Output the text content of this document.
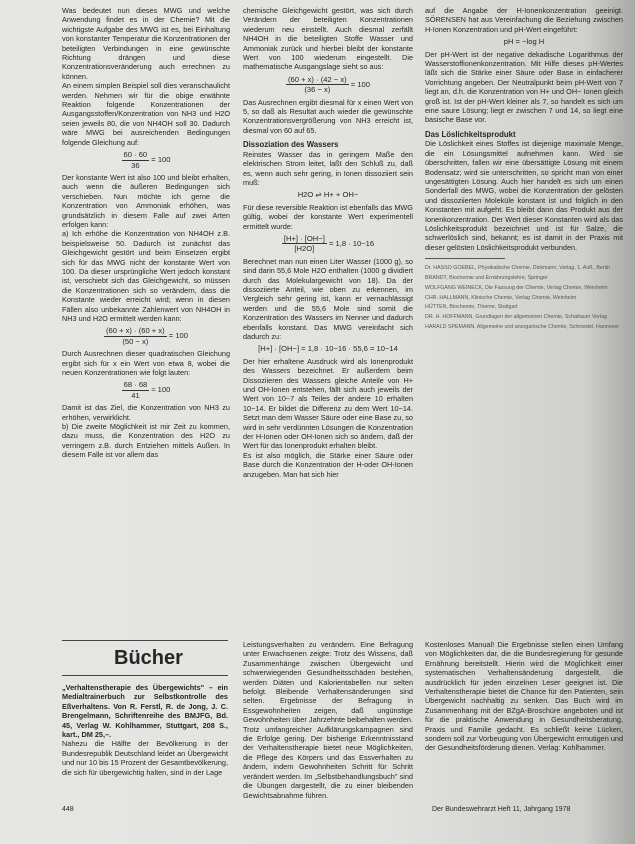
Was bedeutet nun dieses MWG und welche Anwendung findet es in der Chemie? Mit die wichtigste Aufgabe des MWG ist es, bei Einhaltung von konstanter Temperatur die Konzentrationen der beteiligten Verbindungen in eine gewünschte Richtung drängen und diese Konzentrationsveränderung auch errechnen zu können.

An einem simplen Beispiel soll dies veranschaulicht werden. Nehmen wir für die obige erwähnte Reaktion folgende Konzentrationen der Ausgangsstoffen/Konzentration von NH3 und H2O seien jeweils 80, die von NH4OH soll 30. Dadurch wäre MWG bei ausreichenden Bedingungen folgende Gleichung auf:

$\frac{60 \cdot 60}{36} = 100$

Der konstante Wert ist also 100 und bleibt erhalten, auch wenn die äußeren Bedingungen sich verschieben. Nun möchte ich gerne die Konzentration von Ammoniak erhöhen, was grundsätzlich in diesem Falle auf zwei Arten erfolgen kann:

a) Ich erhöhe die Konzentration von NH4OH z.B. beispielsweise 50. Dadurch ist zunächst das Gleichgewicht gestört und beim Einsetzen ergibt sich für das MWG nicht der konstante Wert von 100. Da dieser ursprüngliche Wert jedoch konstant ist, verschiebt sich das Gleichgewicht, so müssen die Konzentrationen sich so verändern, dass die Konstante wieder erreicht wird; wenn in diesen Fällen also unbekannte Zahlenwert von NH4OH in NH3 und H2O ermittelt werden kann:

$\frac{(60 + x) \cdot (60 + x)}{(50 - x)} = 100$

Durch Ausrechnen dieser quadratischen Gleichung ergibt sich für x ein Wert von etwa 8, wobei die neuen Konzentrationen wie folgt lauten:

$\frac{68 \cdot 68}{41} \approx 100$

Damit ist das Ziel, die Konzentration von NH3 zu erhöhen, verwirklicht.

b) Die zweite Möglichkeit ist mir Zeit zu kommen, dazu muss, die Konzentration des H2O zu verringern z.B. durch Entziehen mittels Außen. In diesem Falle ist vor allem das

chemische Gleichgewicht gestört, was sich durch Verändern der beteiligten Konzentrationen wiederum neu einstellt. Auch diesmal zerfällt NH4OH in die beteiligten Stoffe Wasser und Ammoniak zurück und hierbei bleibt der konstante Wert von 100 wiederum eingestellt. Die mathematische Ausgangslage sieht so aus:

$\frac{(60 + x) \cdot (42 - x)}{(36 - x)} = 100$

Das Ausrechnen ergibt diesmal für x einen Wert von 5, so daß als Resultat auch wieder die gewünschte Konzentrationsvergrößerung von NH3 erreicht ist, diesmal von 60 auf 65.

Dissoziation des Wassers

Reinstes Wasser das in geringem Maße den elektrischen Strom leitet, laßt den Schluß zu, daß es, wenn auch sehr gering, in Ionen dissoziiert sein muß:

H2O ⇌ H+ + OH−

Für diese reversible Reaktion ist ebenfalls das MWG gültig, wobei der konstante Wert experimentell ermittelt wurde:

$\frac{[H+] \cdot [OH-]}{[H2O]} = 1,8 \cdot 10-16$

Berechnet man nun einen Liter Wasser (1000 g), so sind darin 55,6 Mole H2O enthalten (1000 g dividiert durch das Molekulargewicht von 18). Da der dissoziierte Anteil, wie oben zu erkennen, im Vergleich sehr gering ist, kann er vernachlässigt werden und die 55,6 Mole sind somit die Konzentration des Wassers im Nenner und dadurch ebenfalls konstant. Das MWG vereinfacht sich dadurch zu:

[H+] · [OH−] = 1,8 · 10−16 · 55,6 = 10−14

Der hier erhaltene Ausdruck wird als Ionenprodukt des Wassers bezeichnet. Er außerdem beim Dissoziieren des Wassers gleiche Anteile von H+ und OH-Ionen entstehen, fällt sich auch jeweils der Wert von 10−7 als Teiles der andere 10 erhalten 10−14. Er bildet die Differenz zu dem Wert 10−14. Setzt man dem Wasser Säure oder eine Base zu, so wird in sehr verdünnten Lösungen die Konzentration der H-Ionen oder OH-Ionen sich so ändern, daß der Wert für das Ionenprodukt erhalten bleibt.

Es ist also möglich, die Stärke einer Säure oder Base durch die Konzentration der H-oder OH-Ionen anzugeben. Man hat sich hier

auf die Angabe der H-Ionenkonzentration geeinigt. SÖRENSEN hat aus Vereinfachung die Beziehung zwischen H-Ionen Konzentration und pH-Wert eingeführt:

pH = −log H

Der pH-Wert ist der negative dekadische Logarithmus der Wasserstoffionenkonzentration. Mit Hilfe dieses pH-Wertes läßt sich die Stärke einer Säure oder Base in einfacherer Vorrichtung angeben. Der Neutralpunkt beim pH-Wert von 7 liegt an, d.h. die Konzentration von H+ und OH− Ionen gleich groß ist. Ist der pH-Wert kleiner als 7, so handelt es sich um eine saure Lösung; liegt er zwischen 7 und 14, so liegt eine basische Base vor.

Das Löslichkeitsprodukt

Die Löslichkeit eines Stoffes ist diejenige maximale Menge, die ein Lösungsmittel aufnehmen kann. Wird sie überschritten, fallen wir eine übersättigte Lösung mit einem Bodensatz; wird sie unterschritten, so spricht man von einer ungesättigten Lösung. Auch hier handelt es sich um einen Sonderfall des MWG, wobei die Konzentration der gelösten und dissoziierten Moleküle konstant ist und folglich in den Konstanten mit aufgeht. Es bleibt dann das Produkt aus der Ionenkonzentration. Der Wert dieser Konstanten wird als das Löslichkeitsprodukt bezeichnet und ist für Salze, die schwerlöslich sind, bekannt; es ist damit in der Praxis mit dieser gelösten Löslichkeitsprodukt verbunden.

Dr. HASSO GOEBEL, Physikalische Chemie, Dickmann, Verlag, 1. Aufl., Berlin
BRANDT, Biochemie und Ernährungslehre, Springer
WOLFGANG WEINECK, Die Fassung der Chemie, Verlag Chemie, Weinheim
CHR. HALLMANN, Klinische Chemie, Verlag Chemie, Weinheim
HÜTTEN, Biochemie, Thieme, Stuttgart
DR. H. HOFFMANN, Grundlagen der allgemeinen Chemie, Schattauer Verlag
HARALD SPEMANN, Allgemeine und anorganische Chemie, Schroedel, Hannover
Bücher

„Verhaltenstherapie des Übergewichts" – ein Medialtrainerbuch zur Selbstkontrolle des Eßverhaltens. Von R. Ferstl, R. de Jong, J. C. Brengelmann, Schriftenreihe des BMJFG, Bd. 45, Verlag W. Kohlhammer, Stuttgart, 208 S., kart., DM 25,–.

Nahezu die Hälfte der Bevölkerung in der Bundesrepublik Deutschland leidet an Übergewicht und nur 10 bis 15 Prozent der Gesamtbevölkerung, die sich für übergewichtig halten, sind in der Lage

Leistungsverhalten zu verändern. Eine Befragung unter Erwachsenen zeigte: Trotz des Wissens, daß Zusammenhänge zwischen Übergewicht und schwerwiegenden Gesundheitsschäden bestehen, werden Diäten und Kalorientabellen nur selten befolgt. Bleibende Verhaltensänderungen sind selten. Ergebnisse der Befragung in Essgewohnheiten zeigen, daß ungünstige Gewohnheiten über Jahrzehnte beibehalten werden. Trotz umfangreicher Aufklärungskampagnen sind die Erfolge gering. Der bisherige Erkenntnisstand der Verhaltenstherapie bietet neue Möglichkeiten, die Pflege des Körpers und das Essverhalten zu ändern, indem Gewohnheiten Schritt für Schritt verändert werden. Im „Selbstbehandlungsbuch" sind die Übungen dargestellt, die zu einer bleibenden Gewichtsabnahme führen.

Kostenloses Manual! Die Ergebnisse stellen einen Umfang von Möglichkeiten dar, die die Bundesregierung für gesunde Ernährung bereitstellt. Hierin wird die Möglichkeit einer systematischen Verhaltensänderung dargestellt, die ausdrücklich für jeden einzelnen Leser geeignet ist. Die Verhaltenstherapie bietet die Chance für den Patienten, sein Übergewicht nachhaltig zu senken. Das Buch wird im Zusammenhang mit der BZgA-Broschüre angeboten und ist für die praktische Anwendung in Gesundheitsberatung, Praxis und Familie gedacht. Es schließt keine Lücken, sondern soll zur Vorbeugung von Übergewicht ermutigen und der Gesundheitsförderung dienen. Verlag: Kohlhammer.

448	Der Bundeswehrarzt Heft 11, Jahrgang 1978
